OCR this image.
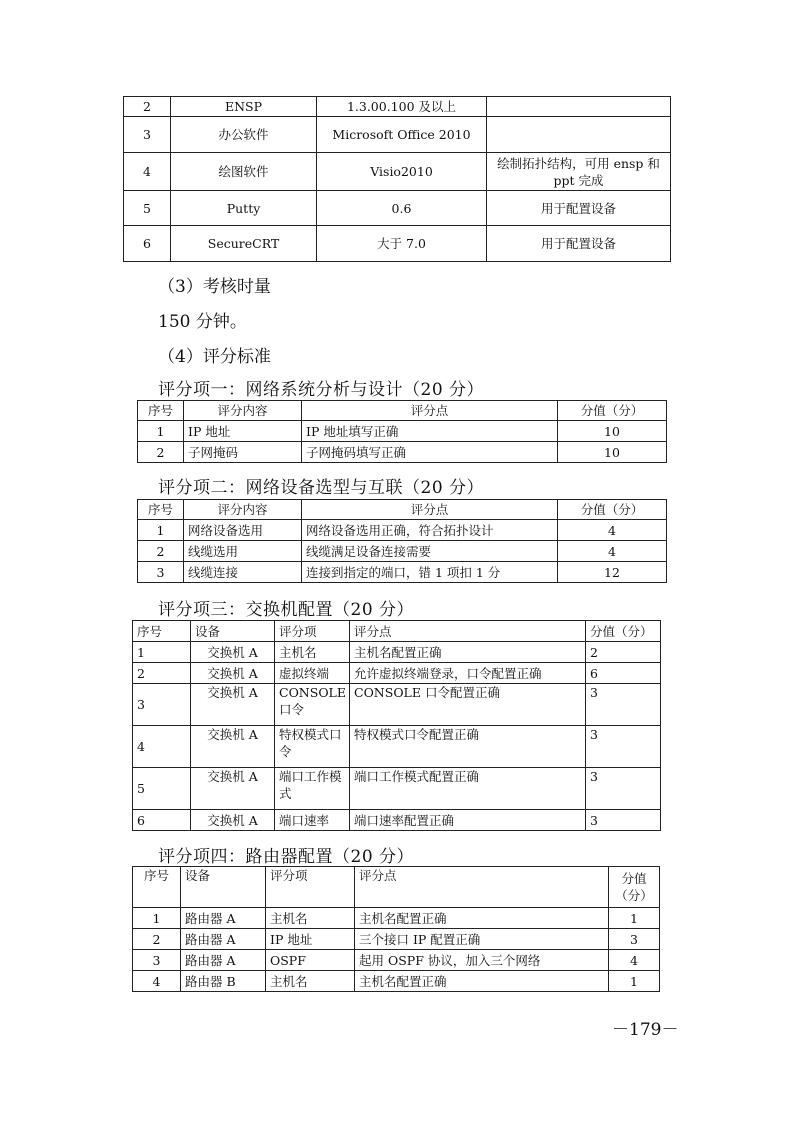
2	ENSP	1.3.00.100 及以上	
3	办公软件	Microsoft Office 2010	
4	绘图软件	Visio2010	绘制拓扑结构，可用 ensp 和 ppt 完成
5	Putty	0.6	用于配置设备
6	SecureCRT	大于 7.0	用于配置设备
（3）考核时量
150 分钟。
（4）评分标准
评分项一：网络系统分析与设计（20 分）
序号	评分内容	评分点	分值（分）
1	IP 地址	IP 地址填写正确	10
2	子网掩码	子网掩码填写正确	10
评分项二：网络设备选型与互联（20 分）
序号	评分内容	评分点	分值（分）
1	网络设备选用	网络设备选用正确，符合拓扑设计	4
2	线缆选用	线缆满足设备连接需要	4
3	线缆连接	连接到指定的端口，错 1 项扣 1 分	12
评分项三：交换机配置（20 分）
序号	设备	评分项	评分点	分值（分）
1	交换机 A	主机名	主机名配置正确	2
2	交换机 A	虚拟终端	允许虚拟终端登录，口令配置正确	6
3	交换机 A	CONSOLE 口令	CONSOLE 口令配置正确	3
4	交换机 A	特权模式口令	特权模式口令配置正确	3
5	交换机 A	端口工作模式	端口工作模式配置正确	3
6	交换机 A	端口速率	端口速率配置正确	3
评分项四：路由器配置（20 分）
序号	设备	评分项	评分点	分值（分）
1	路由器 A	主机名	主机名配置正确	1
2	路由器 A	IP 地址	三个接口 IP 配置正确	3
3	路由器 A	OSPF	起用 OSPF 协议，加入三个网络	4
4	路由器 B	主机名	主机名配置正确	1
－179－
